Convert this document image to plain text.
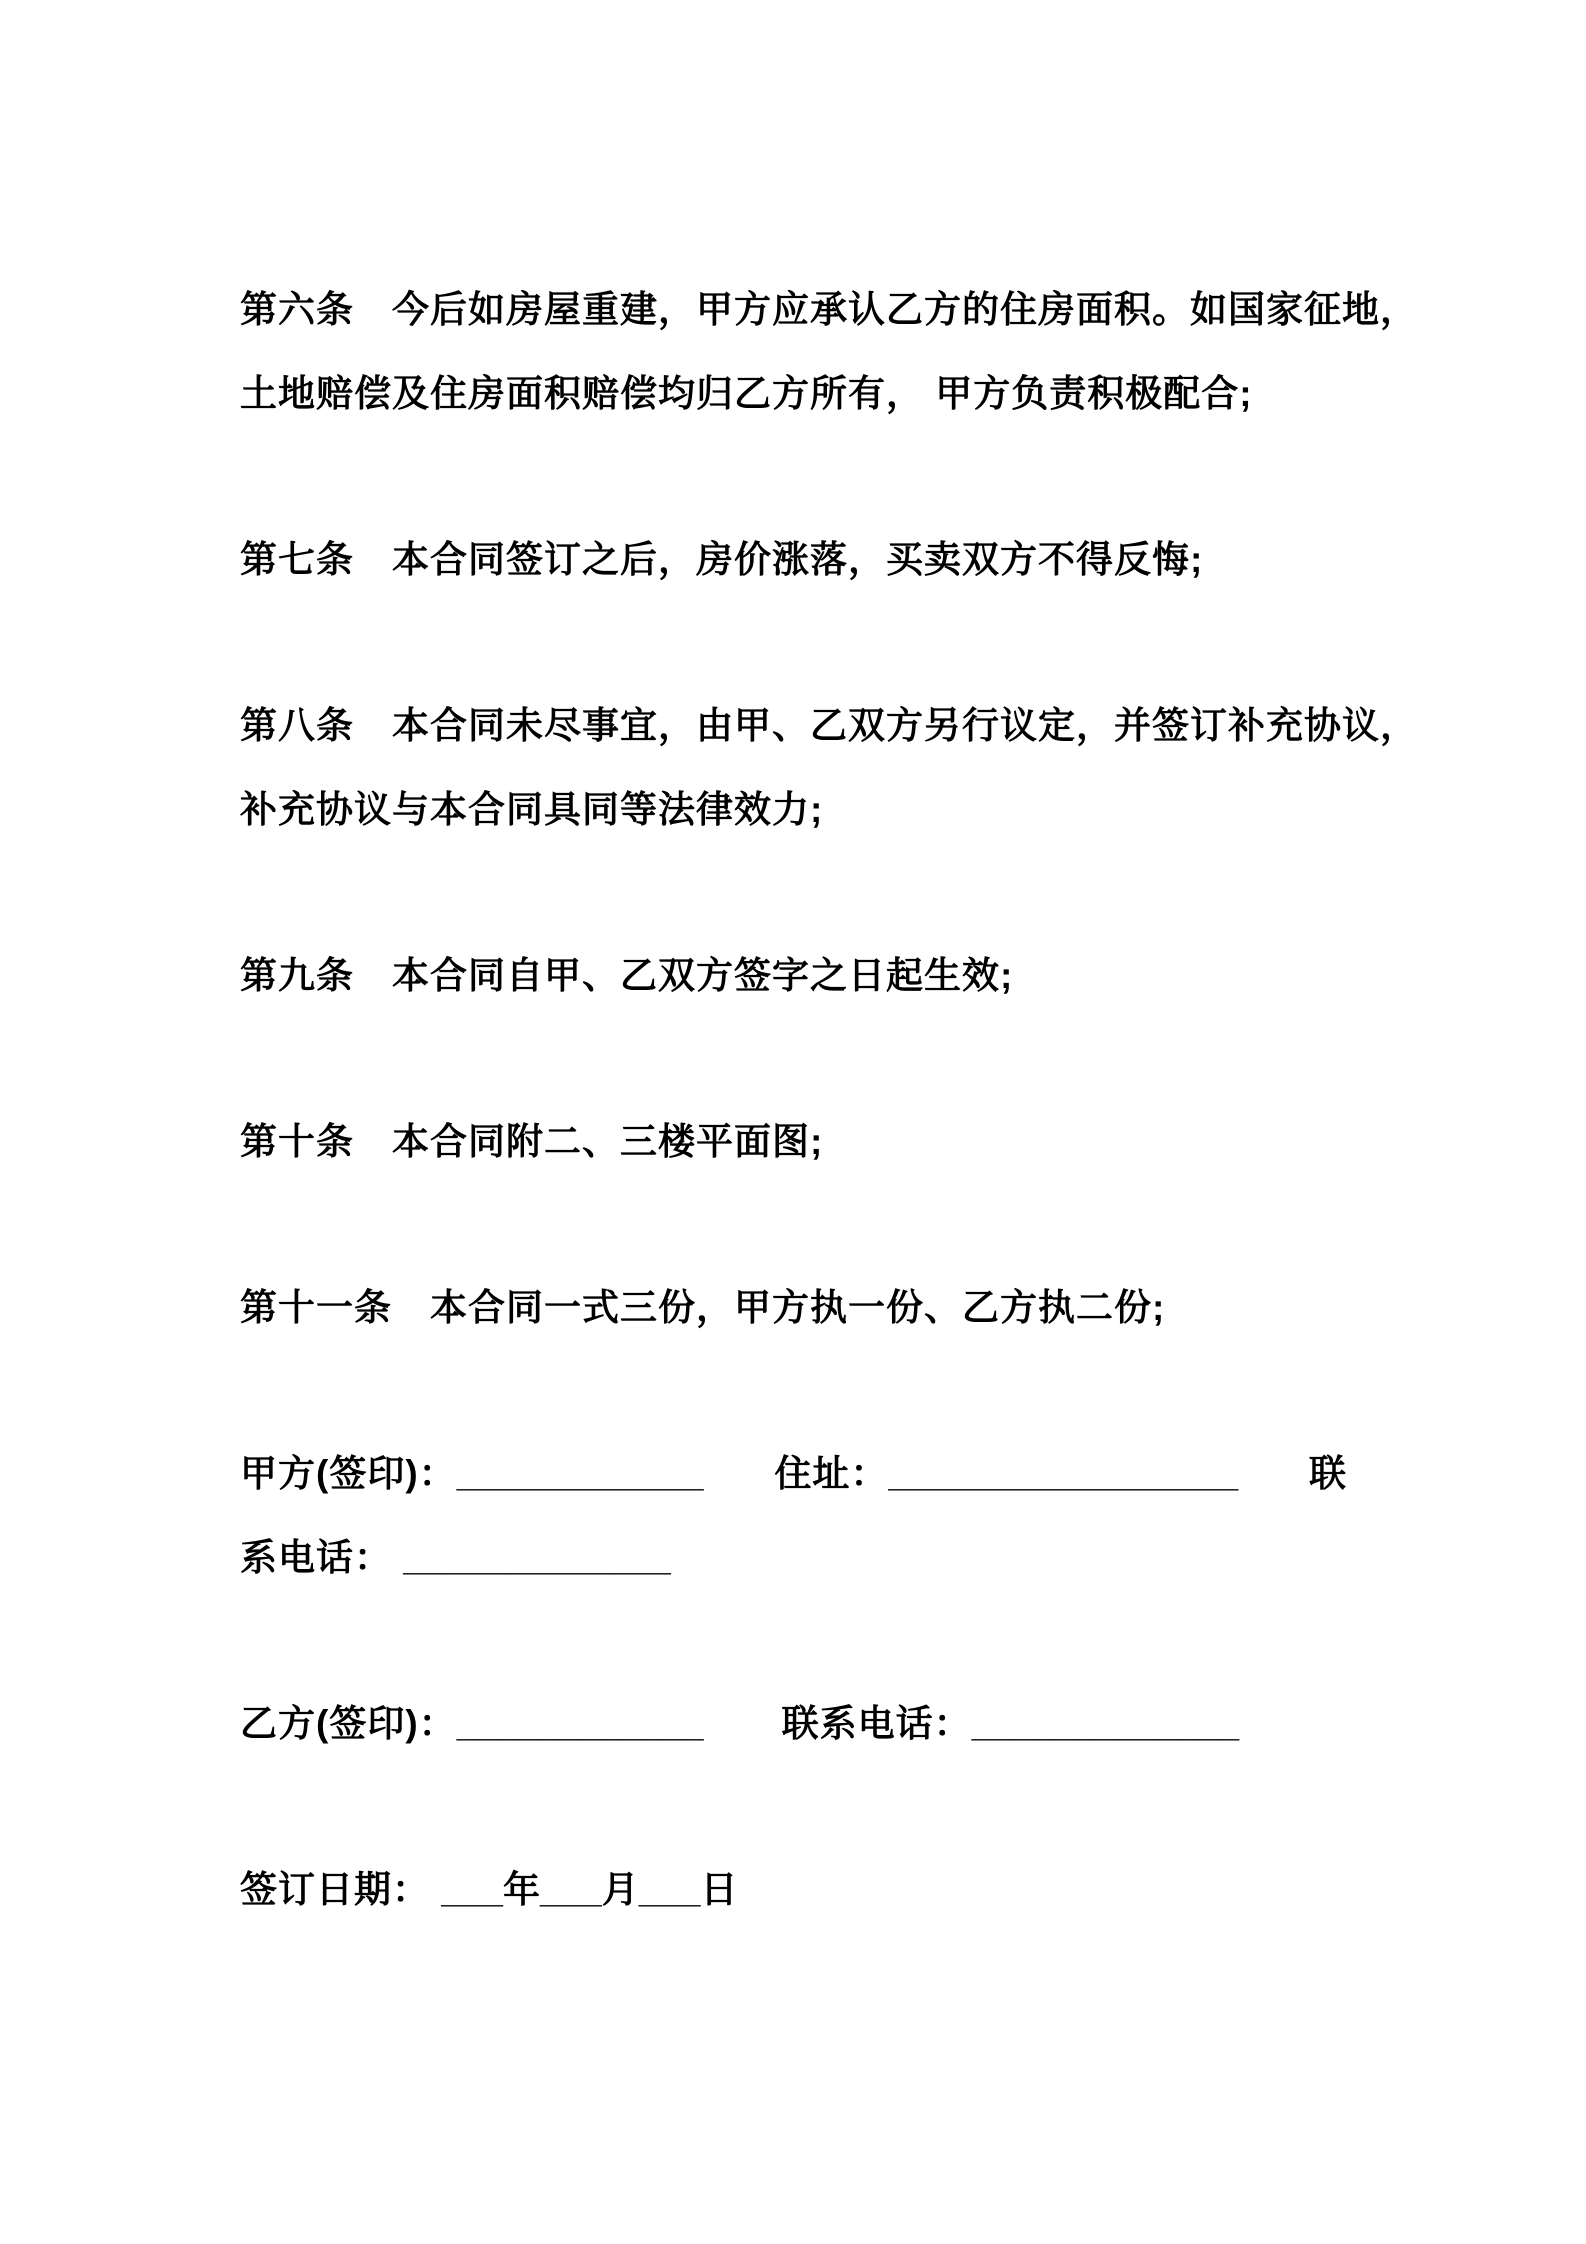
第六条　今后如房屋重建，甲方应承认乙方的住房面积。如国家征地，
土地赔偿及住房面积赔偿均归乙方所有， 甲方负责积极配合;
第七条　本合同签订之后，房价涨落，买卖双方不得反悔;
第八条　本合同未尽事宜，由甲、乙双方另行议定，并签订补充协议，
补充协议与本合同具同等法律效力;
第九条　本合同自甲、乙双方签字之日起生效;
第十条　本合同附二、三楼平面图;
第十一条　本合同一式三份，甲方执一份、乙方执二份;
甲方(签印)：____________ 住址：_________________ 联
系电话： _____________
乙方(签印)：____________ 联系电话：_____________
签订日期： ___年___月___日
